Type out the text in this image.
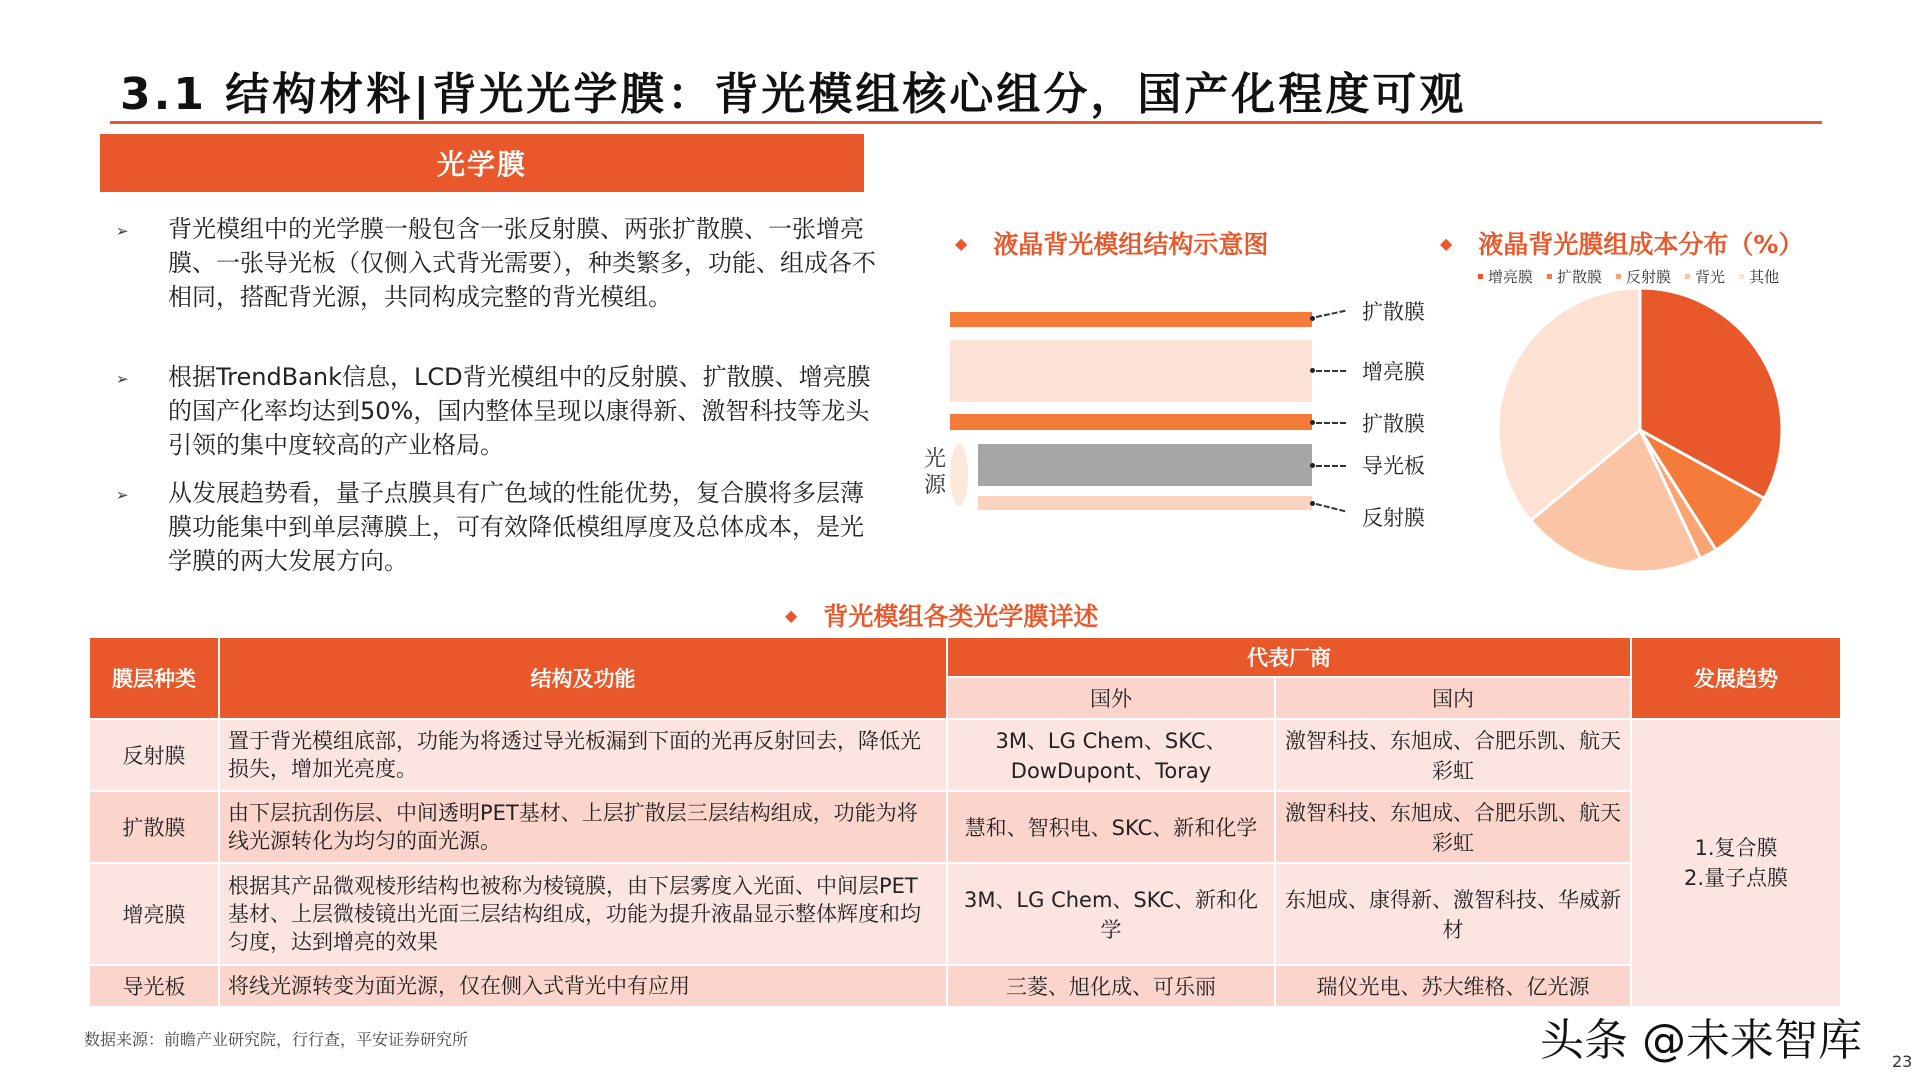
3.1 结构材料|背光光学膜：背光模组核心组分，国产化程度可观
光学膜
➢	背光模组中的光学膜一般包含一张反射膜、两张扩散膜、一张增亮膜、一张导光板（仅侧入式背光需要），种类繁多，功能、组成各不相同，搭配背光源，共同构成完整的背光模组。
➢	根据TrendBank信息，LCD背光模组中的反射膜、扩散膜、增亮膜的国产化率均达到50%，国内整体呈现以康得新、激智科技等龙头引领的集中度较高的产业格局。
➢	从发展趋势看，量子点膜具有广色域的性能优势，复合膜将多层薄膜功能集中到单层薄膜上，可有效降低模组厚度及总体成本，是光学膜的两大发展方向。
◆ 液晶背光模组结构示意图
光源
扩散膜
增亮膜
扩散膜
导光板
反射膜
◆ 液晶背光膜组成本分布（%）
增亮膜 扩散膜 反射膜 背光 其他
◆ 背光模组各类光学膜详述
膜层种类	结构及功能	代表厂商		发展趋势
		国外	国内	
反射膜	置于背光模组底部，功能为将透过导光板漏到下面的光再反射回去，降低光损失，增加光亮度。	3M、LG Chem、SKC、DowDupont、Toray	激智科技、东旭成、合肥乐凯、航天彩虹	1.复合膜
2.量子点膜

扩散膜	由下层抗刮伤层、中间透明PET基材、上层扩散层三层结构组成，功能为将线光源转化为均匀的面光源。	慧和、智积电、SKC、新和化学	激智科技、东旭成、合肥乐凯、航天彩虹	
增亮膜	根据其产品微观棱形结构也被称为棱镜膜，由下层雾度入光面、中间层PET基材、上层微棱镜出光面三层结构组成，功能为提升液晶显示整体辉度和均匀度，达到增亮的效果	3M、LG Chem、SKC、新和化学	东旭成、康得新、激智科技、华威新材	
导光板	将线光源转变为面光源，仅在侧入式背光中有应用	三菱、旭化成、可乐丽	瑞仪光电、苏大维格、亿光源	
数据来源：前瞻产业研究院，行行查，平安证券研究所	头条 @未来智库 23
